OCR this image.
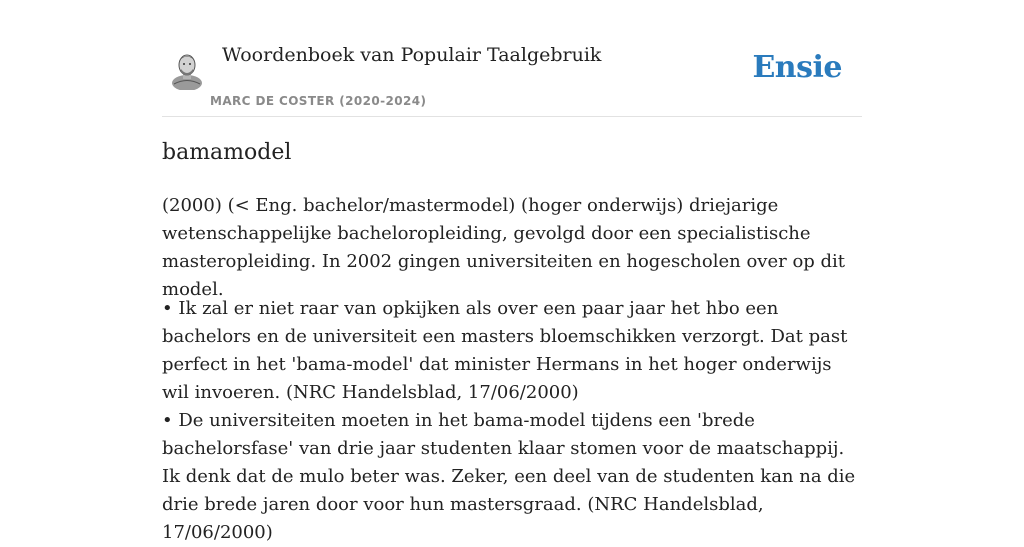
Woordenboek van Populair Taalgebruik
MARC DE COSTER (2020-2024)
Ensie
bamamodel

(2000) (< Eng. bachelor/mastermodel) (hoger onderwijs) driejarige wetenschappelijke bacheloropleiding, gevolgd door een specialistische masteropleiding. In 2002 gingen universiteiten en hogescholen over op dit model.

• Ik zal er niet raar van opkijken als over een paar jaar het hbo een bachelors en de universiteit een masters bloemschikken verzorgt. Dat past perfect in het 'bama-model' dat minister Hermans in het hoger onderwijs wil invoeren. (NRC Handelsblad, 17/06/2000)

• De universiteiten moeten in het bama-model tijdens een 'brede bachelorsfase' van drie jaar studenten klaar stomen voor de maatschappij. Ik denk dat de mulo beter was. Zeker, een deel van de studenten kan na die drie brede jaren door voor hun mastersgraad. (NRC Handelsblad, 17/06/2000)
